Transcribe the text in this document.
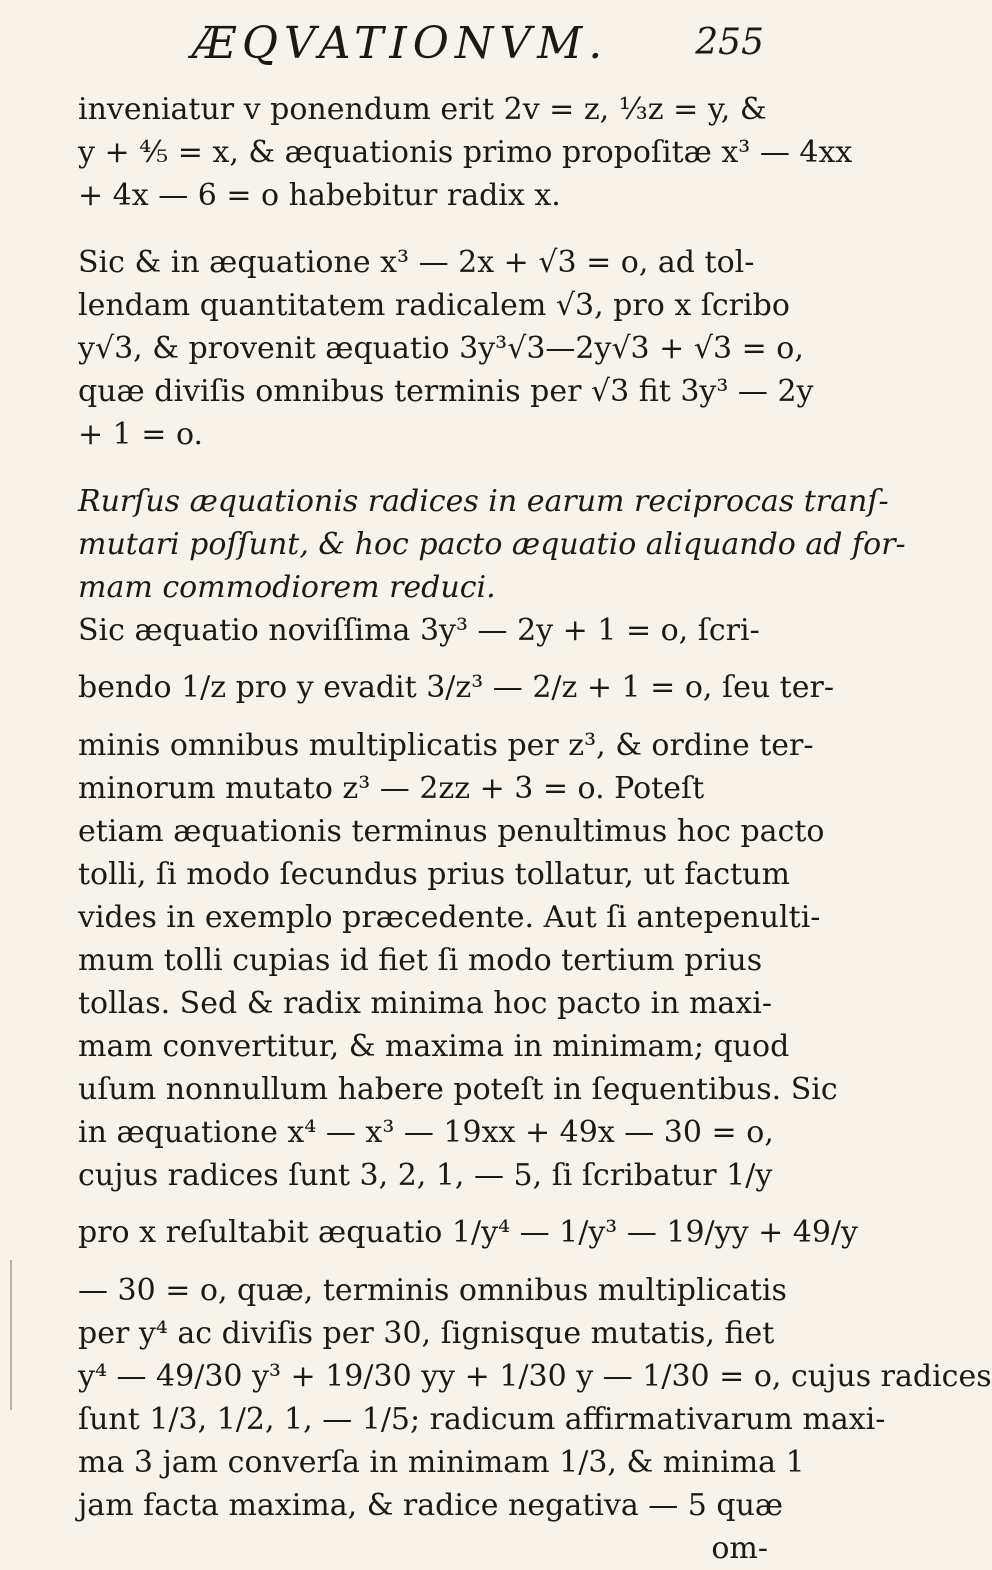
ÆQVATIONVM.	255
inveniatur v ponendum erit 2v = z, ⅓z = y, &
y + ⅘ = x, & æquationis primo propoſitæ x³ — 4xx
+ 4x — 6 = o habebitur radix x.
Sic & in æquatione x³ — 2x + √3 = o, ad tol-
lendam quantitatem radicalem √3, pro x ſcribo
y√3, & provenit æquatio 3y³√3—2y√3 + √3 = o,
quæ diviſis omnibus terminis per √3 fit 3y³ — 2y
+ 1 = o.
Rurſus æquationis radices in earum reciprocas tranſ-
mutari poſſunt, & hoc pacto æquatio aliquando ad for-
mam commodiorem reduci.
Sic æquatio noviſſima 3y³ — 2y + 1 = o, ſcri-
bendo 1/z pro y evadit 3/z³ — 2/z + 1 = o, ſeu ter-
minis omnibus multiplicatis per z³, & ordine ter-
minorum mutato z³ — 2zz + 3 = o. Poteſt
etiam æquationis terminus penultimus hoc pacto
tolli, ſi modo ſecundus prius tollatur, ut factum
vides in exemplo præcedente. Aut ſi antepenulti-
mum tolli cupias id fiet ſi modo tertium prius
tollas. Sed & radix minima hoc pacto in maxi-
mam convertitur, & maxima in minimam; quod
uſum nonnullum habere poteſt in ſequentibus. Sic
in æquatione x⁴ — x³ — 19xx + 49x — 30 = o,
cujus radices ſunt 3, 2, 1, — 5, ſi ſcribatur 1/y
pro x reſultabit æquatio 1/y⁴ — 1/y³ — 19/yy + 49/y
— 30 = o, quæ, terminis omnibus multiplicatis
per y⁴ ac diviſis per 30, ſignisque mutatis, fiet
y⁴ — 49/30 y³ + 19/30 yy + 1/30 y — 1/30 = o, cujus radices
ſunt 1/3, 1/2, 1, — 1/5; radicum affirmativarum maxi-
ma 3 jam converſa in minimam 1/3, & minima 1
jam facta maxima, & radice negativa — 5 quæ
om-
